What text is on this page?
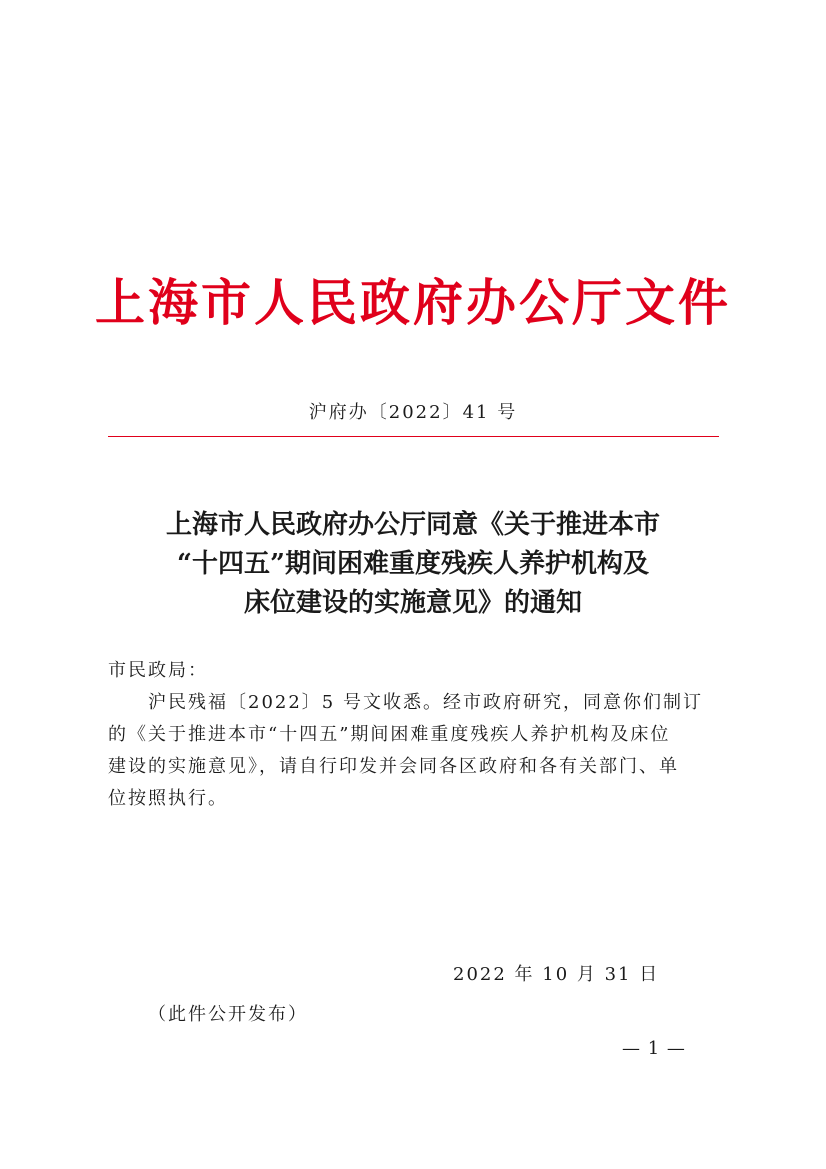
上海市人民政府办公厅文件
沪府办〔2022〕41 号
上海市人民政府办公厅同意《关于推进本市
“十四五”期间困难重度残疾人养护机构及
床位建设的实施意见》的通知
市民政局：
沪民残福〔2022〕5 号文收悉。经市政府研究，同意你们制订
的《关于推进本市“十四五”期间困难重度残疾人养护机构及床位
建设的实施意见》，请自行印发并会同各区政府和各有关部门、单
位按照执行。
2022 年 10 月 31 日
（此件公开发布）
— 1 —
